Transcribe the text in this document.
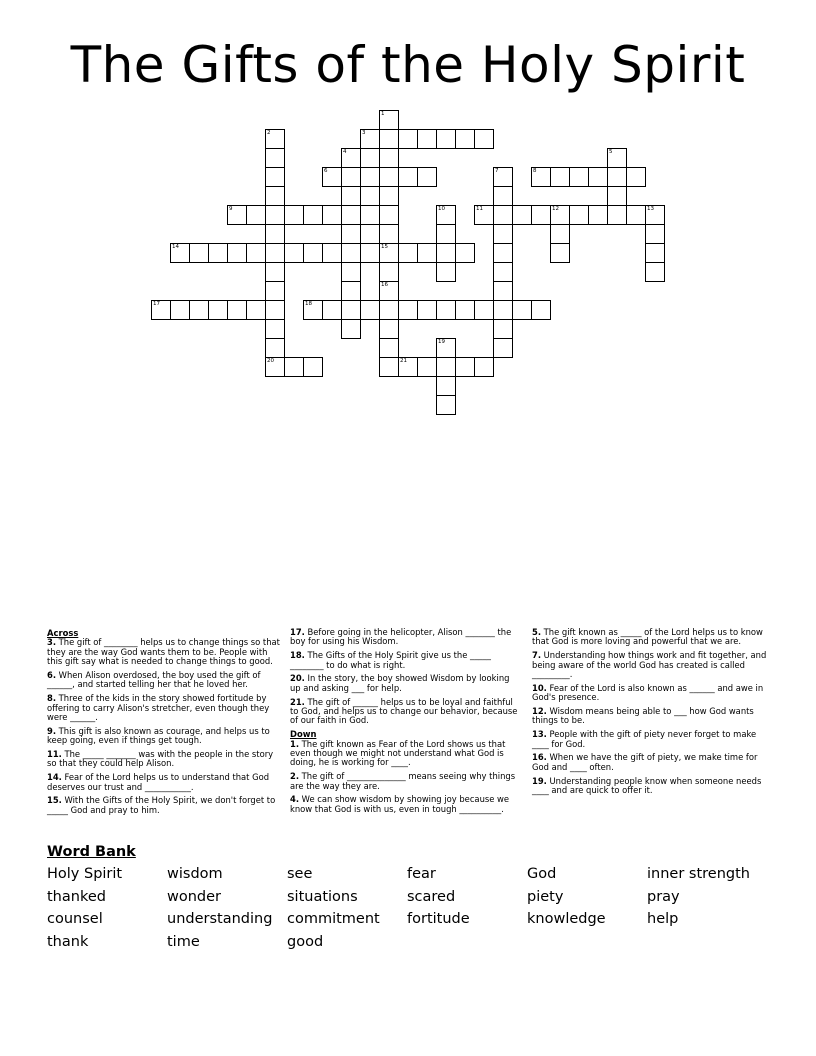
The Gifts of the Holy Spirit
3
6	8
9	11	12	13
14	15
17	18
20	21
1
16
2
4	5
7
10
19
Across
3. The gift of ________ helps us to change things so that they are the way God wants them to be. People with this gift say what is needed to change things to good.
6. When Alison overdosed, the boy used the gift of ______, and started telling her that he loved her.
8. Three of the kids in the story showed fortitude by offering to carry Alison's stretcher, even though they were ______.
9. This gift is also known as courage, and helps us to keep going, even if things get tough.
11. The _____ _______ was with the people in the story so that they could help Alison.
14. Fear of the Lord helps us to understand that God deserves our trust and ___________.
15. With the Gifts of the Holy Spirit, we don't forget to _____ God and pray to him.
17. Before going in the helicopter, Alison _______ the boy for using his Wisdom.
18. The Gifts of the Holy Spirit give us the _____ ________ to do what is right.
20. In the story, the boy showed Wisdom by looking up and asking ___ for help.
21. The gift of ______ helps us to be loyal and faithful to God, and helps us to change our behavior, because of our faith in God.
Down
1. The gift known as Fear of the Lord shows us that even though we might not understand what God is doing, he is working for ____.
2. The gift of ______________ means seeing why things are the way they are.
4. We can show wisdom by showing joy because we know that God is with us, even in tough __________.
5. The gift known as _____ of the Lord helps us to know that God is more loving and powerful that we are.
7. Understanding how things work and fit together, and being aware of the world God has created is called _________.
10. Fear of the Lord is also known as ______ and awe in God's presence.
12. Wisdom means being able to ___ how God wants things to be.
13. People with the gift of piety never forget to make ____ for God.
16. When we have the gift of piety, we make time for God and ____ often.
19. Understanding people know when someone needs ____ and are quick to offer it.
Word Bank
Holy Spirit	wisdom	see	fear	God	inner strength
thanked	wonder	situations	scared	piety	pray
counsel	understanding	commitment	fortitude	knowledge	help
thank	time	good
